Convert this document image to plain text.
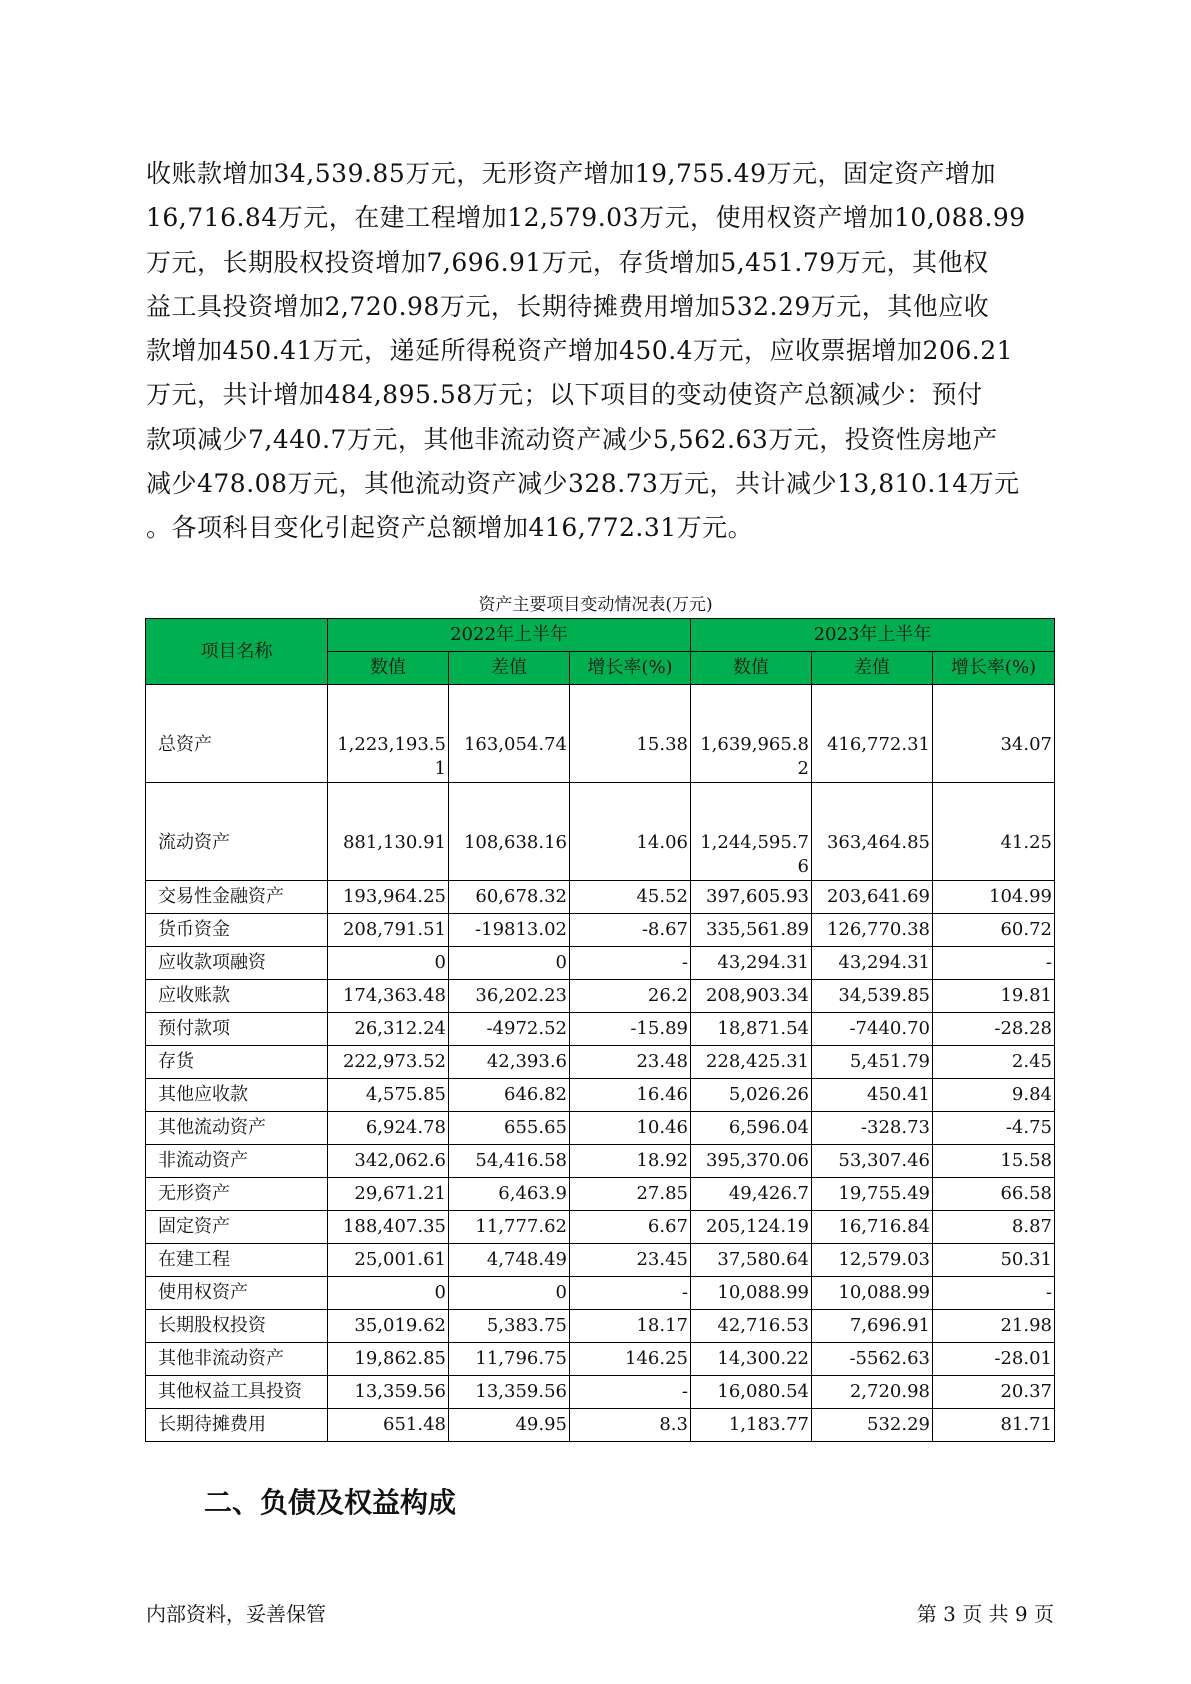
收账款增加34,539.85万元，无形资产增加19,755.49万元，固定资产增加
16,716.84万元，在建工程增加12,579.03万元，使用权资产增加10,088.99
万元，长期股权投资增加7,696.91万元，存货增加5,451.79万元，其他权
益工具投资增加2,720.98万元，长期待摊费用增加532.29万元，其他应收
款增加450.41万元，递延所得税资产增加450.4万元，应收票据增加206.21
万元，共计增加484,895.58万元；以下项目的变动使资产总额减少：预付
款项减少7,440.7万元，其他非流动资产减少5,562.63万元，投资性房地产
减少478.08万元，其他流动资产减少328.73万元，共计减少13,810.14万元
。各项科目变化引起资产总额增加416,772.31万元。

资产主要项目变动情况表(万元)

项目名称	2022年上半年			2023年上半年		
	数值	差值	增长率(%)	数值	差值	增长率(%)
总资产	1,223,193.51	163,054.74	15.38	1,639,965.82	416,772.31	34.07
流动资产	881,130.91	108,638.16	14.06	1,244,595.76	363,464.85	41.25
交易性金融资产	193,964.25	60,678.32	45.52	397,605.93	203,641.69	104.99
货币资金	208,791.51	-19813.02	-8.67	335,561.89	126,770.38	60.72
应收款项融资	0	0	-	43,294.31	43,294.31	-
应收账款	174,363.48	36,202.23	26.2	208,903.34	34,539.85	19.81
预付款项	26,312.24	-4972.52	-15.89	18,871.54	-7440.70	-28.28
存货	222,973.52	42,393.6	23.48	228,425.31	5,451.79	2.45
其他应收款	4,575.85	646.82	16.46	5,026.26	450.41	9.84
其他流动资产	6,924.78	655.65	10.46	6,596.04	-328.73	-4.75
非流动资产	342,062.6	54,416.58	18.92	395,370.06	53,307.46	15.58
无形资产	29,671.21	6,463.9	27.85	49,426.7	19,755.49	66.58
固定资产	188,407.35	11,777.62	6.67	205,124.19	16,716.84	8.87
在建工程	25,001.61	4,748.49	23.45	37,580.64	12,579.03	50.31
使用权资产	0	0	-	10,088.99	10,088.99	-
长期股权投资	35,019.62	5,383.75	18.17	42,716.53	7,696.91	21.98
其他非流动资产	19,862.85	11,796.75	146.25	14,300.22	-5562.63	-28.01
其他权益工具投资	13,359.56	13,359.56	-	16,080.54	2,720.98	20.37
长期待摊费用	651.48	49.95	8.3	1,183.77	532.29	81.71
二、负债及权益构成

内部资料，妥善保管	第 3 页 共 9 页
